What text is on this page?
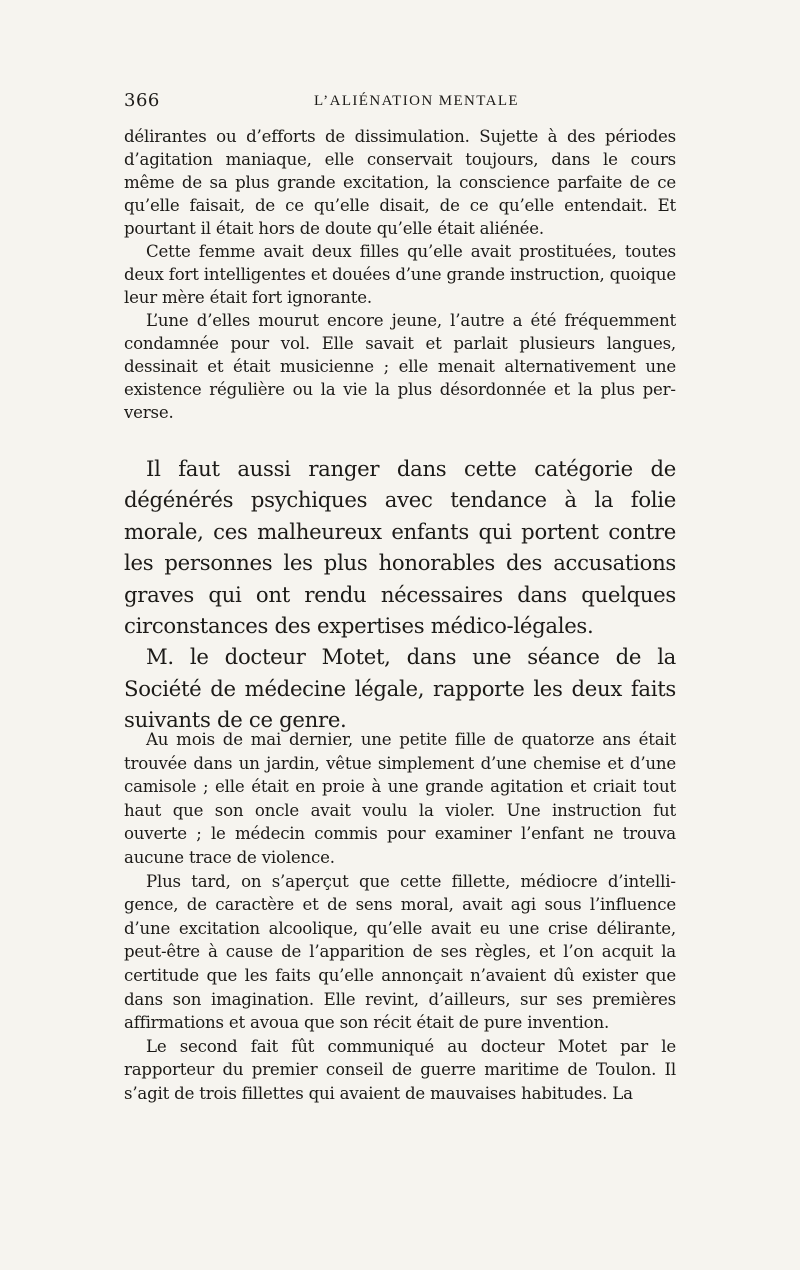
366	L’ALIÉNATION MENTALE

délirantes ou d’efforts de dissimulation. Sujette à des périodes d’agitation maniaque, elle conservait toujours, dans le cours même de sa plus grande excitation, la conscience parfaite de ce qu’elle faisait, de ce qu’elle disait, de ce qu’elle entendait. Et pourtant il était hors de doute qu’elle était aliénée.

Cette femme avait deux filles qu’elle avait prostituées, toutes deux fort intelligentes et douées d’une grande instruction, quoique leur mère était fort ignorante.

L’une d’elles mourut encore jeune, l’autre a été fréquemment condamnée pour vol. Elle savait et parlait plusieurs langues, dessinait et était musicienne ; elle menait alternativement une existence régulière ou la vie la plus désordonnée et la plus perverse.

Il faut aussi ranger dans cette catégorie de dégénérés psychiques avec tendance à la folie morale, ces malheureux enfants qui portent contre les personnes les plus honorables des accusations graves qui ont rendu nécessaires dans quelques circonstances des expertises médico-légales.

M. le docteur Motet, dans une séance de la Société de médecine légale, rapporte les deux faits suivants de ce genre.

Au mois de mai dernier, une petite fille de quatorze ans était trouvée dans un jardin, vêtue simplement d’une chemise et d’une camisole ; elle était en proie à une grande agitation et criait tout haut que son oncle avait voulu la violer. Une instruction fut ouverte ; le médecin commis pour examiner l’enfant ne trouva aucune trace de violence.

Plus tard, on s’aperçut que cette fillette, médiocre d’intelligence, de caractère et de sens moral, avait agi sous l’influence d’une excitation alcoolique, qu’elle avait eu une crise délirante, peut-être à cause de l’apparition de ses règles, et l’on acquit la certitude que les faits qu’elle annonçait n’avaient dû exister que dans son imagination. Elle revint, d’ailleurs, sur ses premières affirmations et avoua que son récit était de pure invention.

Le second fait fût communiqué au docteur Motet par le rapporteur du premier conseil de guerre maritime de Toulon. Il s’agit de trois fillettes qui avaient de mauvaises habitudes. La
